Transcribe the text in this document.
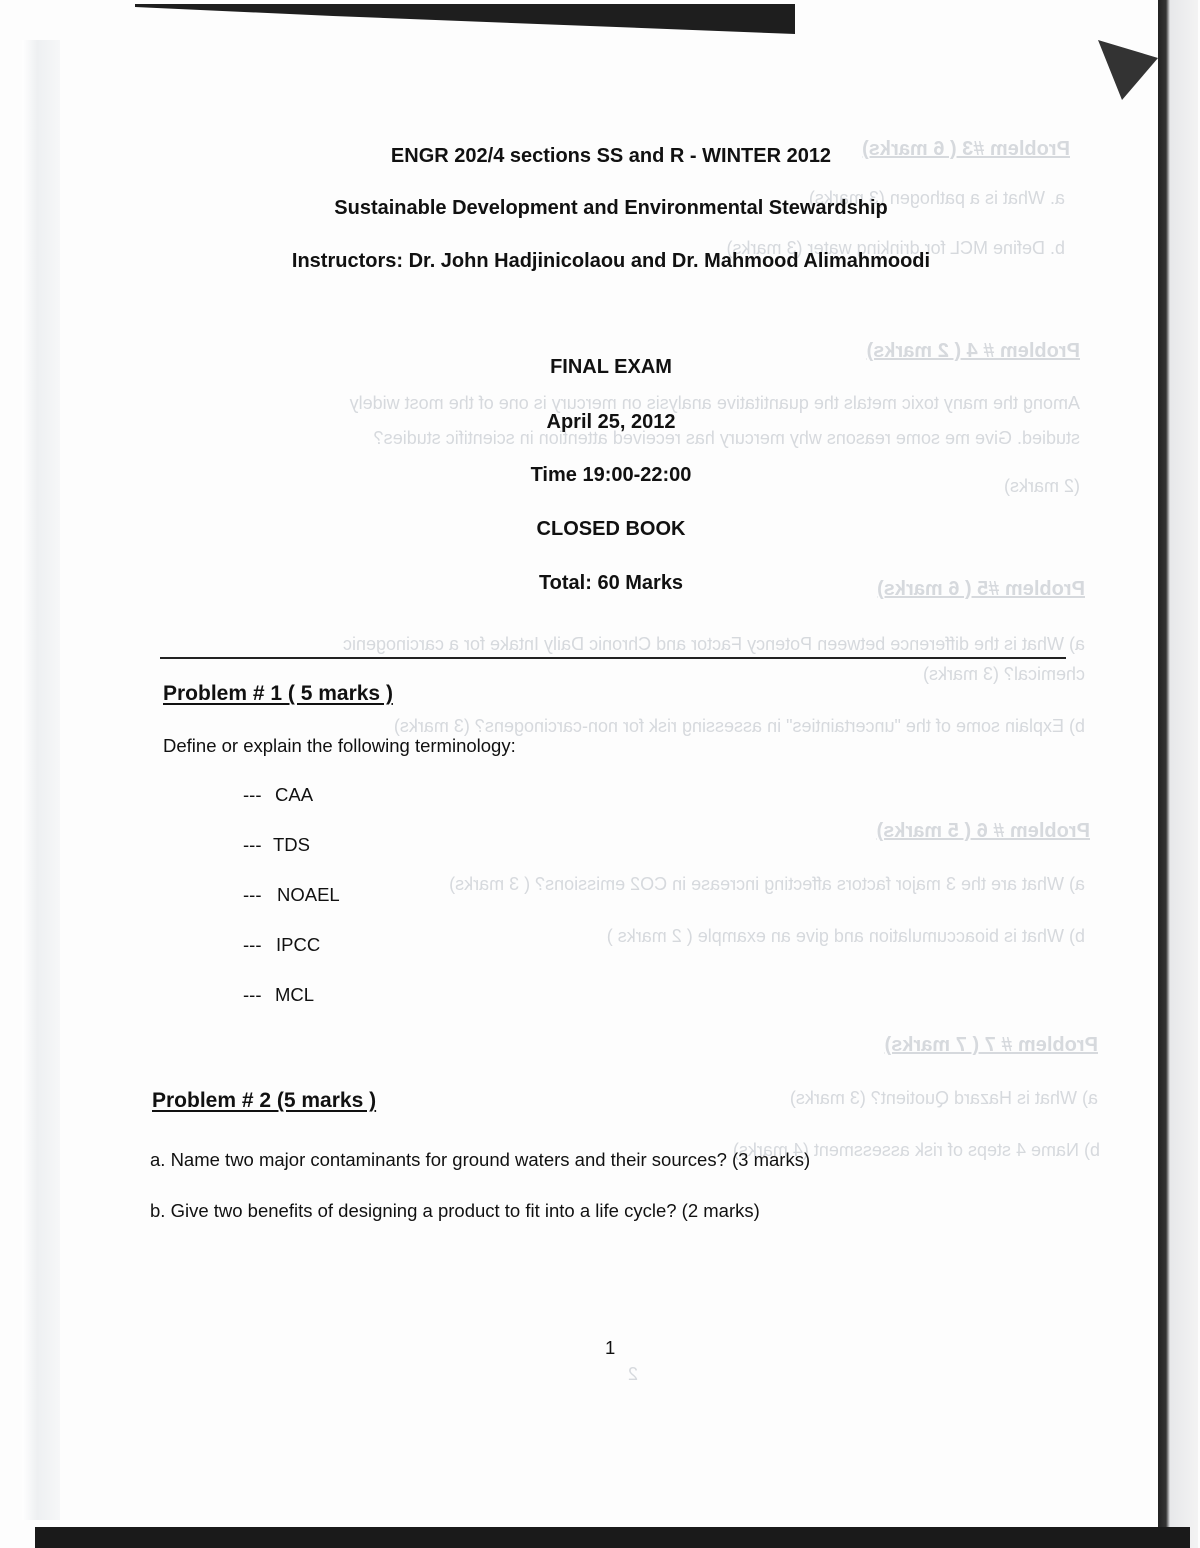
Problem #3 ( 6 marks)
a. What is a pathogen (3 marks)
b. Define MCL for drinking water (3 marks)
Problem # 4 ( 2 marks)
Among the many toxic metals the quantitative analysis on mercury is one of the most widely
studied. Give me some reasons why mercury has received attention in scientific studies?
(2 marks)
Problem #5 ( 6 marks)
a) What is the difference between Potency Factor and Chronic Daily Intake for a carcinogenic
chemical? (3 marks)
b) Explain some of the "uncertainties" in assessing risk for non-carcinogens? (3 marks)
Problem # 6 ( 5 marks)
a) What are the 3 major factors affecting increase in CO2 emissions? ( 3 marks)
b) What is bioaccumulation and give an example ( 2 marks )
Problem # 7 ( 7 marks)
a) What is Hazard Quotient? (3 marks)
b) Name 4 steps of risk assessment (4 marks)
2
ENGR 202/4 sections SS and R - WINTER 2012
Sustainable Development and Environmental Stewardship
Instructors: Dr. John Hadjinicolaou and Dr. Mahmood Alimahmoodi
FINAL EXAM
April 25, 2012
Time 19:00-22:00
CLOSED BOOK
Total: 60 Marks
Problem # 1 ( 5 marks )
Define or explain the following terminology:
--- CAA
--- TDS
--- NOAEL
--- IPCC
--- MCL
Problem # 2 (5 marks )
a. Name two major contaminants for ground waters and their sources? (3 marks)
b. Give two benefits of designing a product to fit into a life cycle? (2 marks)
1
